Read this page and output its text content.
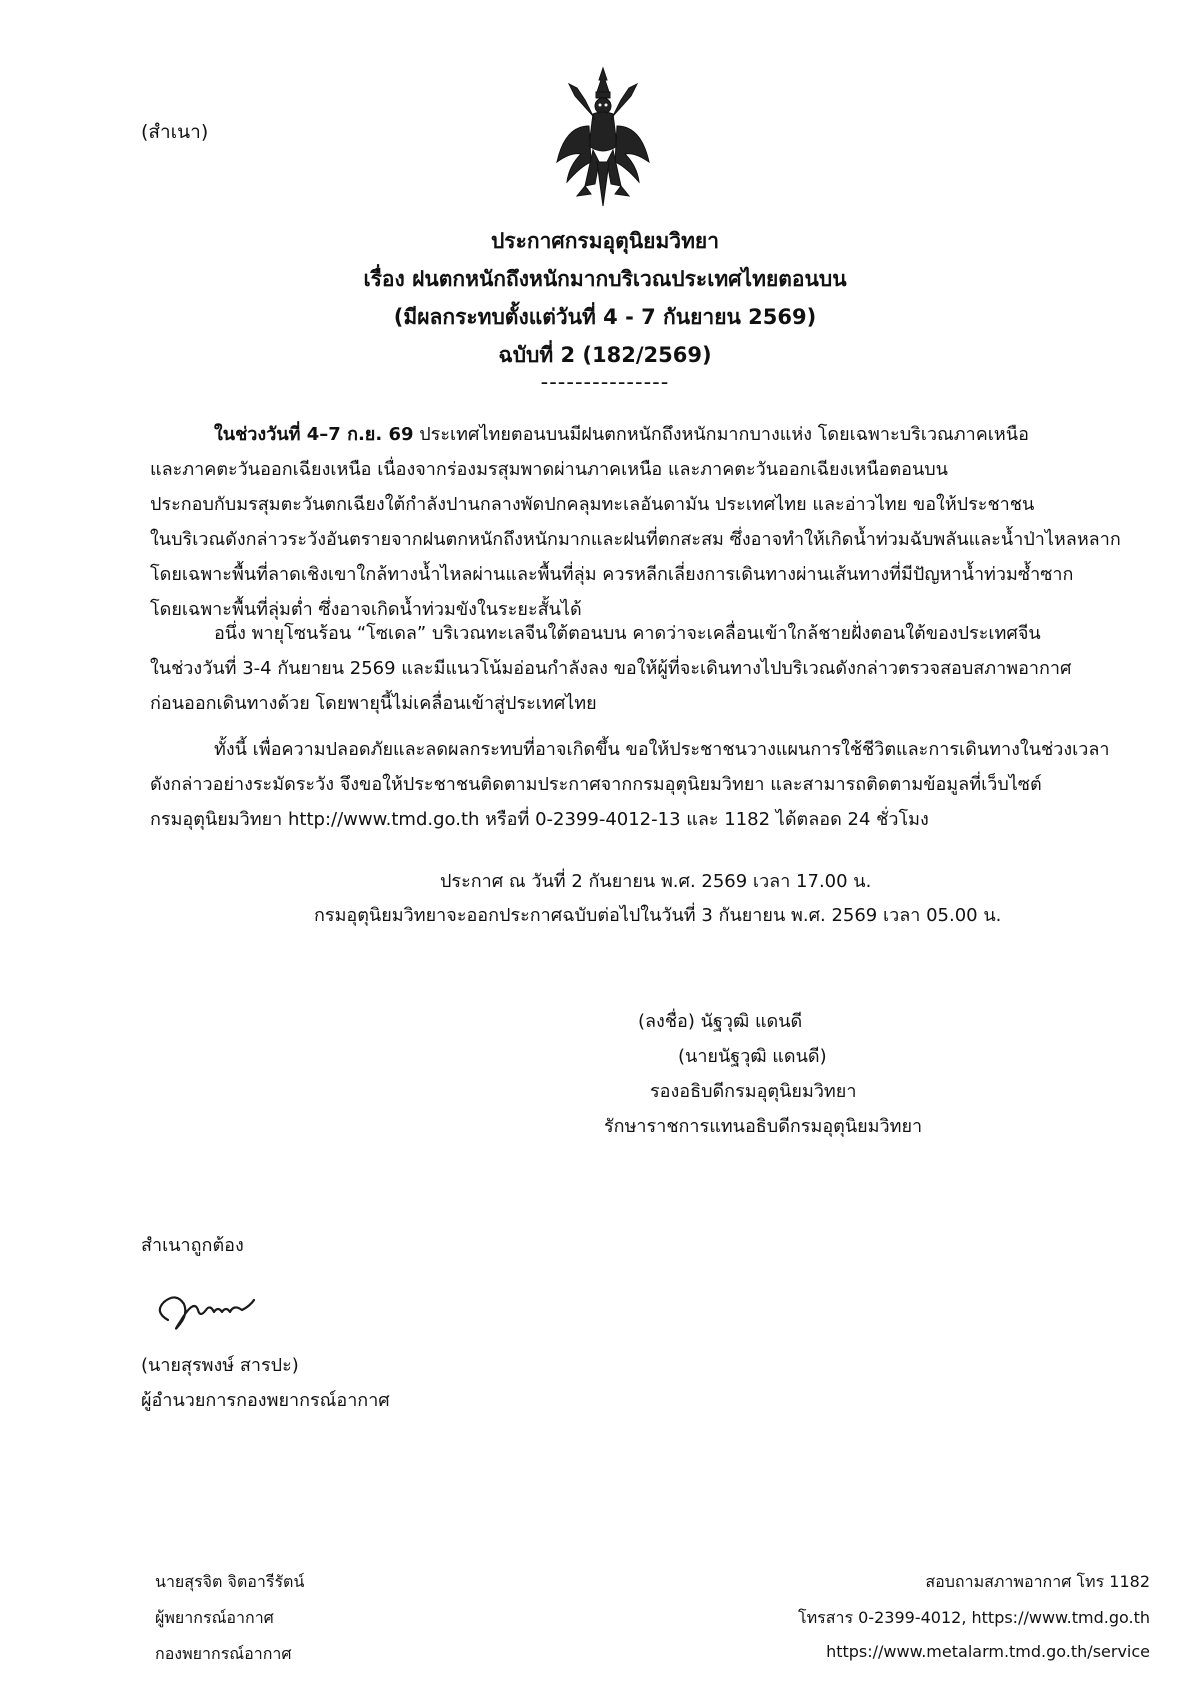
(สำเนา)
ประกาศกรมอุตุนิยมวิทยา
เรื่อง ฝนตกหนักถึงหนักมากบริเวณประเทศไทยตอนบน
(มีผลกระทบตั้งแต่วันที่ 4 - 7 กันยายน 2569)
ฉบับที่ 2 (182/2569)
---------------
ในช่วงวันที่ 4–7 ก.ย. 69 ประเทศไทยตอนบนมีฝนตกหนักถึงหนักมากบางแห่ง โดยเฉพาะบริเวณภาคเหนือ
และภาคตะวันออกเฉียงเหนือ เนื่องจากร่องมรสุมพาดผ่านภาคเหนือ และภาคตะวันออกเฉียงเหนือตอนบน
ประกอบกับมรสุมตะวันตกเฉียงใต้กำลังปานกลางพัดปกคลุมทะเลอันดามัน ประเทศไทย และอ่าวไทย ขอให้ประชาชน
ในบริเวณดังกล่าวระวังอันตรายจากฝนตกหนักถึงหนักมากและฝนที่ตกสะสม ซึ่งอาจทำให้เกิดน้ำท่วมฉับพลันและน้ำป่าไหลหลาก
โดยเฉพาะพื้นที่ลาดเชิงเขาใกล้ทางน้ำไหลผ่านและพื้นที่ลุ่ม ควรหลีกเลี่ยงการเดินทางผ่านเส้นทางที่มีปัญหาน้ำท่วมซ้ำซาก
โดยเฉพาะพื้นที่ลุ่มต่ำ ซึ่งอาจเกิดน้ำท่วมขังในระยะสั้นได้
อนึ่ง พายุโซนร้อน “โซเดล” บริเวณทะเลจีนใต้ตอนบน คาดว่าจะเคลื่อนเข้าใกล้ชายฝั่งตอนใต้ของประเทศจีน
ในช่วงวันที่ 3-4 กันยายน 2569 และมีแนวโน้มอ่อนกำลังลง ขอให้ผู้ที่จะเดินทางไปบริเวณดังกล่าวตรวจสอบสภาพอากาศ
ก่อนออกเดินทางด้วย โดยพายุนี้ไม่เคลื่อนเข้าสู่ประเทศไทย
ทั้งนี้ เพื่อความปลอดภัยและลดผลกระทบที่อาจเกิดขึ้น ขอให้ประชาชนวางแผนการใช้ชีวิตและการเดินทางในช่วงเวลา
ดังกล่าวอย่างระมัดระวัง จึงขอให้ประชาชนติดตามประกาศจากกรมอุตุนิยมวิทยา และสามารถติดตามข้อมูลที่เว็บไซต์
กรมอุตุนิยมวิทยา http://www.tmd.go.th หรือที่ 0-2399-4012-13 และ 1182 ได้ตลอด 24 ชั่วโมง
ประกาศ ณ วันที่ 2 กันยายน พ.ศ. 2569 เวลา 17.00 น.
กรมอุตุนิยมวิทยาจะออกประกาศฉบับต่อไปในวันที่ 3 กันยายน พ.ศ. 2569 เวลา 05.00 น.
(ลงชื่อ) นัฐวุฒิ แดนดี
(นายนัฐวุฒิ แดนดี)
รองอธิบดีกรมอุตุนิยมวิทยา
รักษาราชการแทนอธิบดีกรมอุตุนิยมวิทยา
สำเนาถูกต้อง
(นายสุรพงษ์ สารปะ)
ผู้อำนวยการกองพยากรณ์อากาศ
นายสุรจิต จิตอารีรัตน์
ผู้พยากรณ์อากาศ
กองพยากรณ์อากาศ
สอบถามสภาพอากาศ โทร 1182
โทรสาร 0-2399-4012, https://www.tmd.go.th
https://www.metalarm.tmd.go.th/service
